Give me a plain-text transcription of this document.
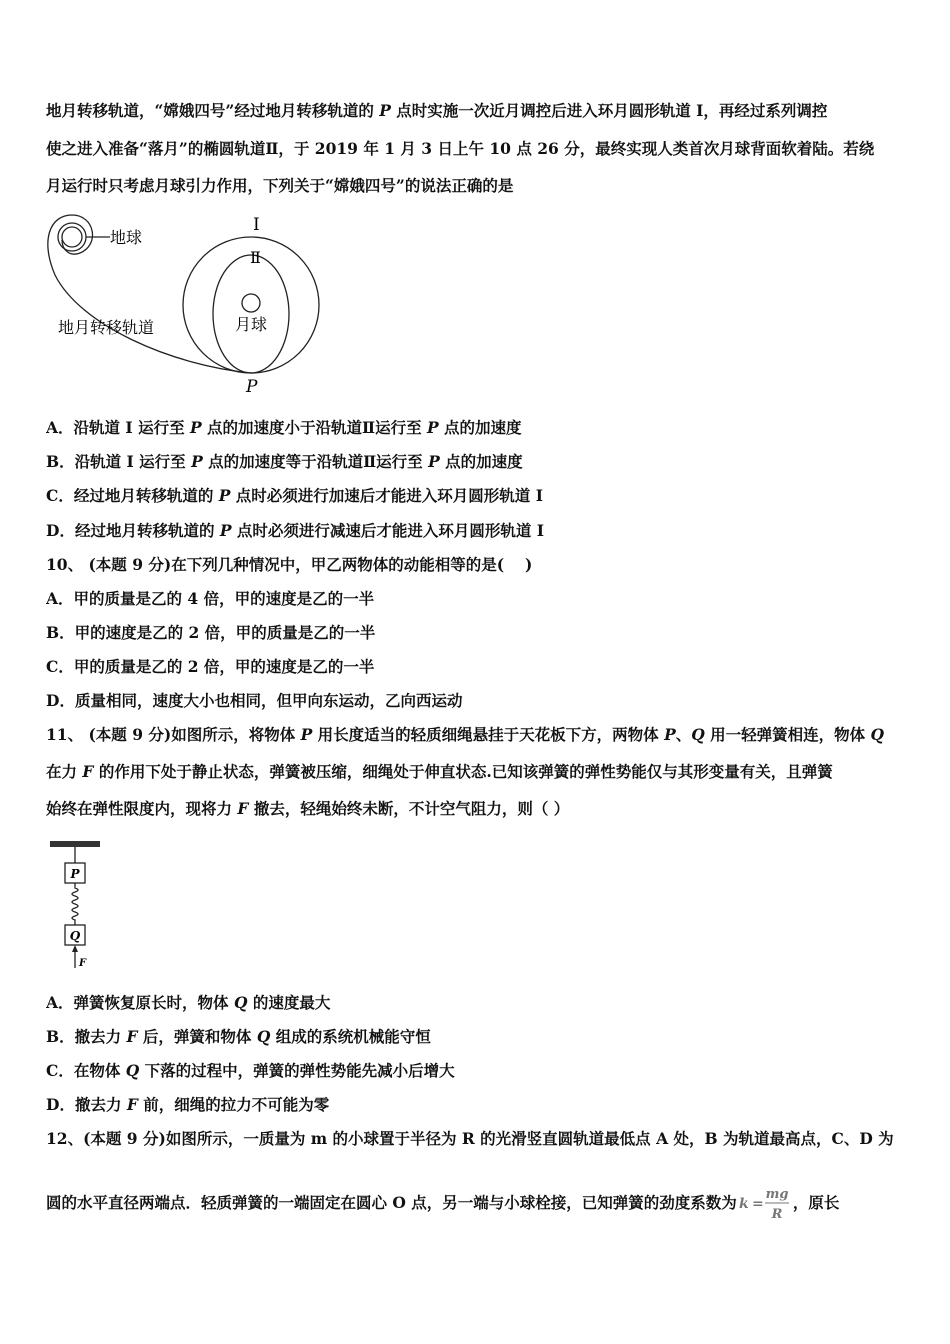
地月转移轨道，“嫦娥四号”经过地月转移轨道的 P 点时实施一次近月调控后进入环月圆形轨道 I，再经过系列调控
使之进入准备“落月”的椭圆轨道Ⅱ，于 2019 年 1 月 3 日上午 10 点 26 分，最终实现人类首次月球背面软着陆。若绕
月运行时只考虑月球引力作用，下列关于“嫦娥四号”的说法正确的是
地球
地月转移轨道	月球
I
Ⅱ
P
A．沿轨道 I 运行至 P 点的加速度小于沿轨道Ⅱ运行至 P 点的加速度
B．沿轨道 I 运行至 P 点的加速度等于沿轨道Ⅱ运行至 P 点的加速度
C．经过地月转移轨道的 P 点时必须进行加速后才能进入环月圆形轨道 I
D．经过地月转移轨道的 P 点时必须进行减速后才能进入环月圆形轨道 I
10、 (本题 9 分)在下列几种情况中，甲乙两物体的动能相等的是(　 )
A．甲的质量是乙的 4 倍，甲的速度是乙的一半
B．甲的速度是乙的 2 倍，甲的质量是乙的一半
C．甲的质量是乙的 2 倍，甲的速度是乙的一半
D．质量相同，速度大小也相同，但甲向东运动，乙向西运动
11、 (本题 9 分)如图所示，将物体 P 用长度适当的轻质细绳悬挂于天花板下方，两物体 P、Q 用一轻弹簧相连，物体 Q
在力 F 的作用下处于静止状态，弹簧被压缩，细绳处于伸直状态.已知该弹簧的弹性势能仅与其形变量有关，且弹簧
始终在弹性限度内，现将力 F 撤去，轻绳始终未断，不计空气阻力，则（ ）
P
Q
F
A．弹簧恢复原长时，物体 Q 的速度最大
B．撤去力 F 后，弹簧和物体 Q 组成的系统机械能守恒
C．在物体 Q 下落的过程中，弹簧的弹性势能先减小后增大
D．撤去力 F 前，细绳的拉力不可能为零
12、(本题 9 分)如图所示，一质量为 m 的小球置于半径为 R 的光滑竖直圆轨道最低点 A 处，B 为轨道最高点，C、D 为
圆的水平直径两端点．轻质弹簧的一端固定在圆心 O 点，另一端与小球栓接，已知弹簧的劲度系数为 k =
mg
R
，原长
